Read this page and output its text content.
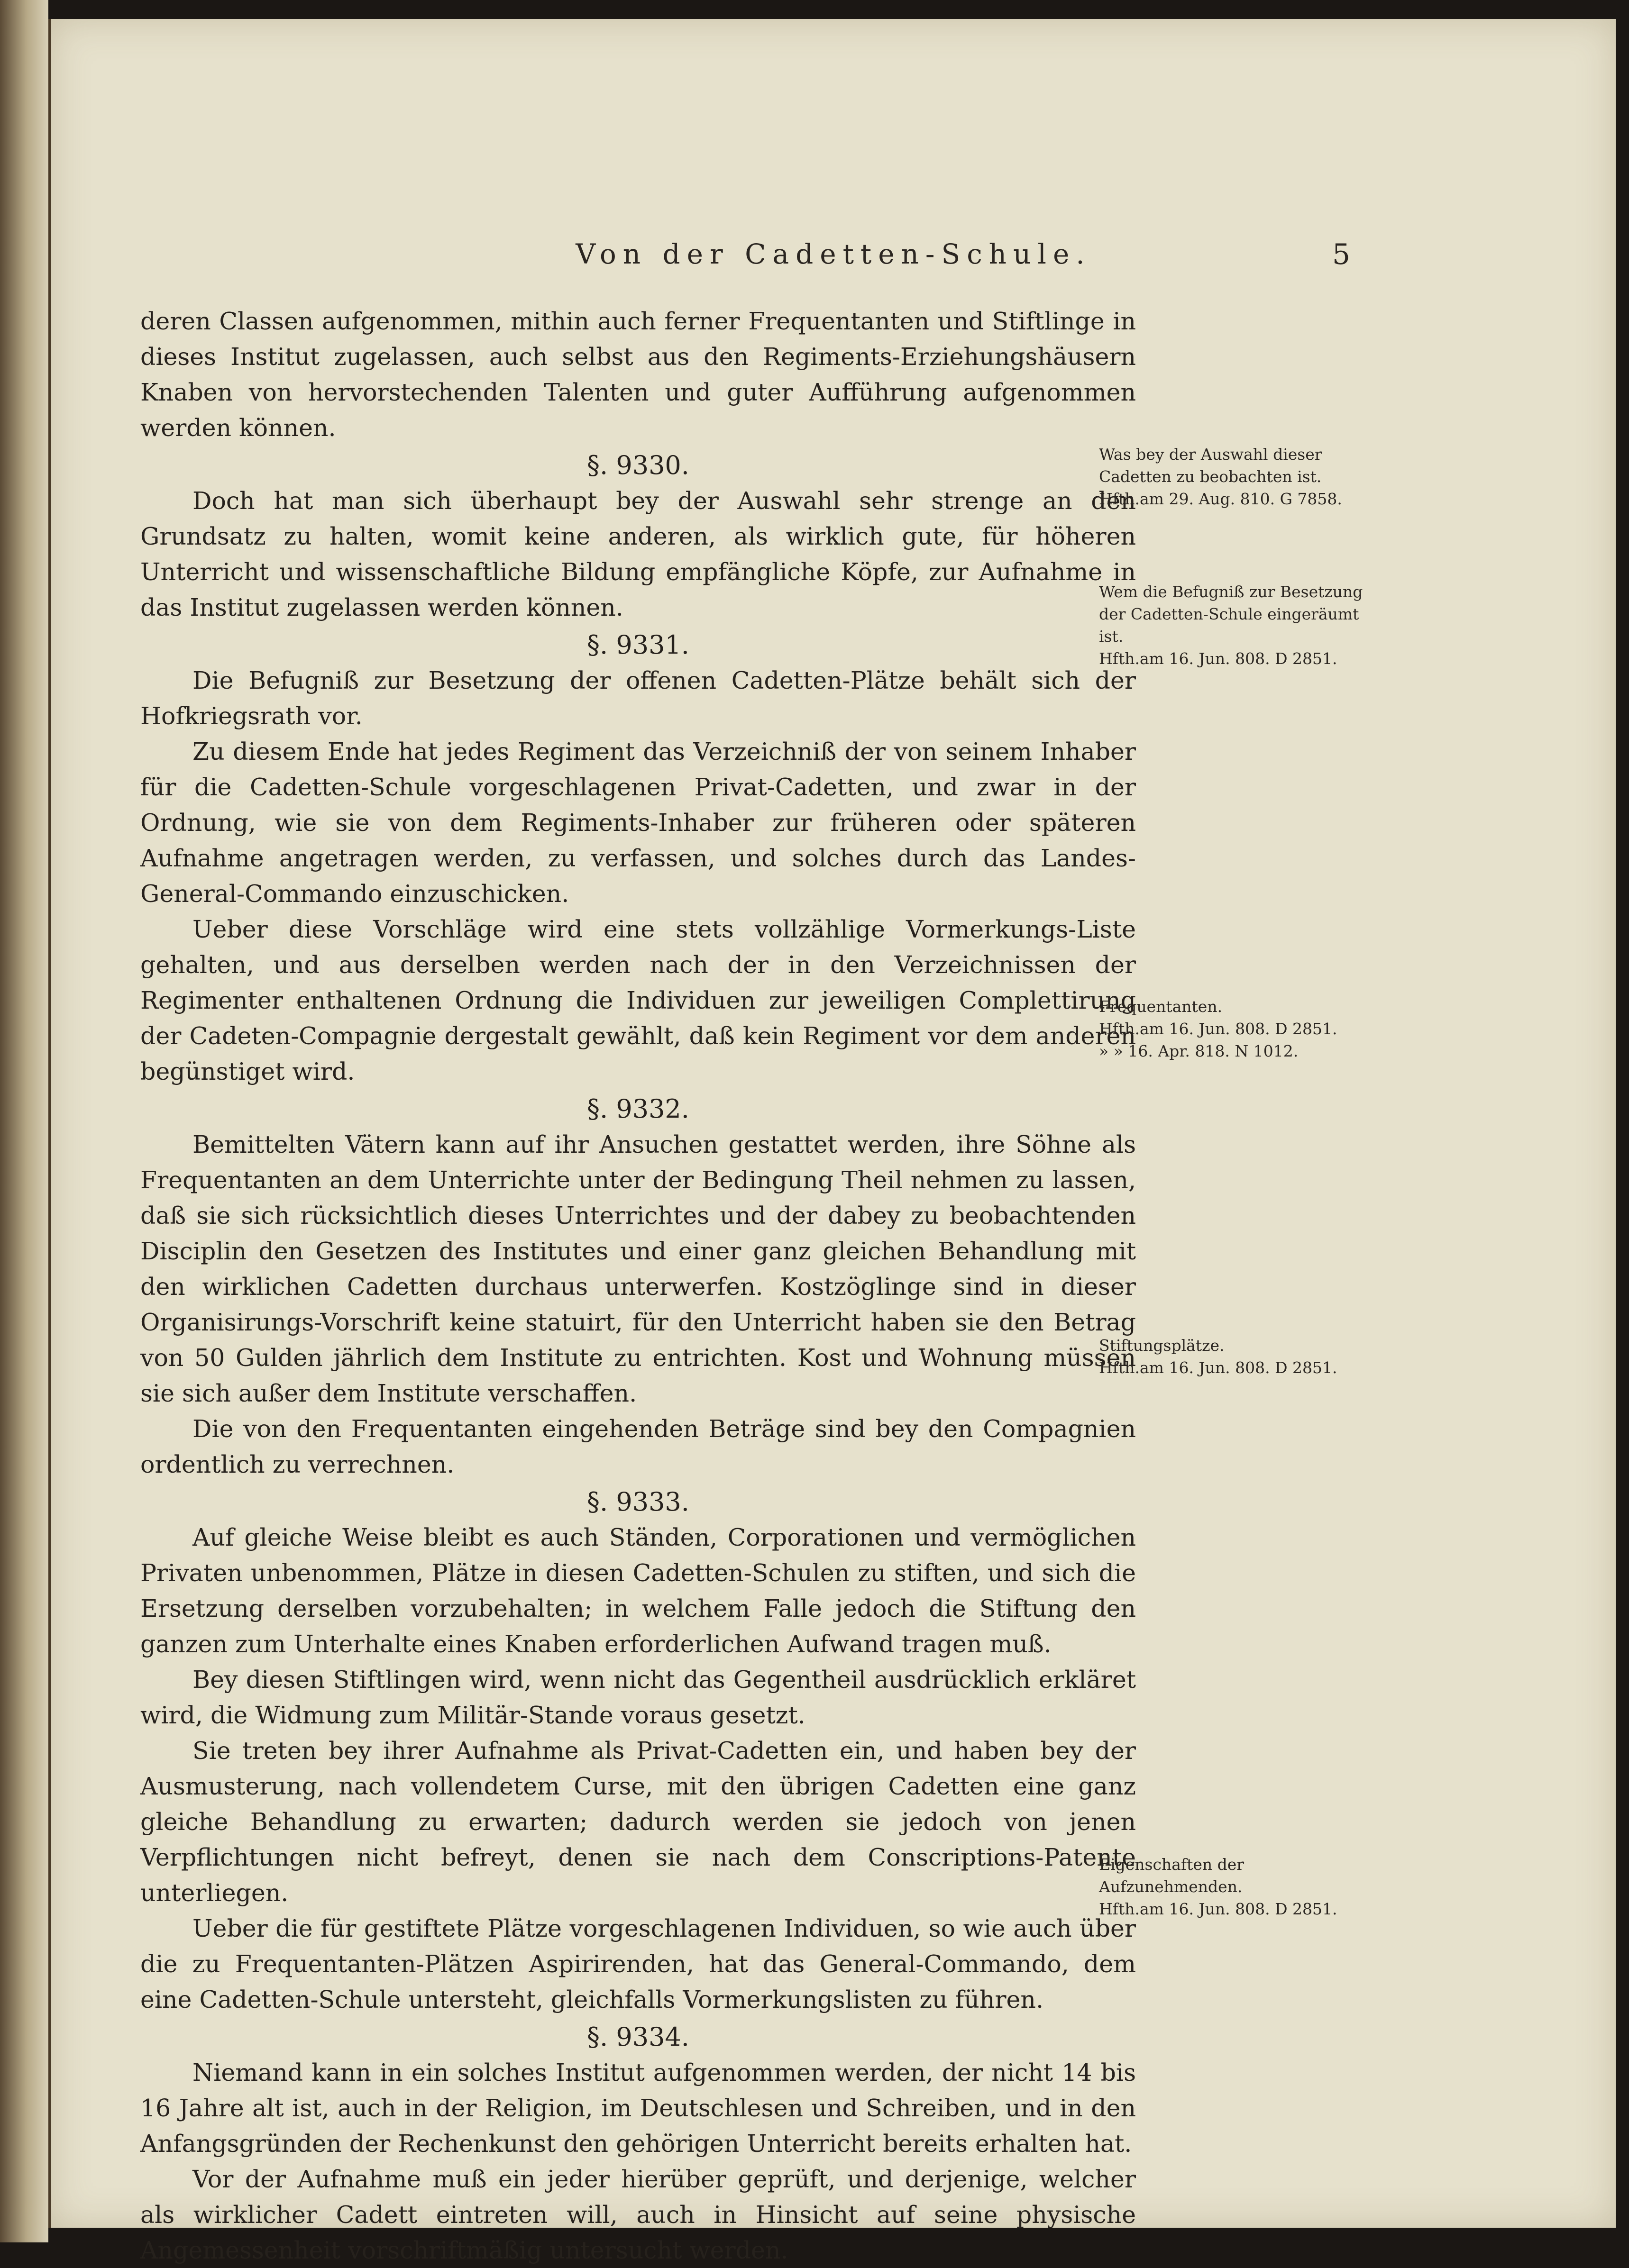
Von der Cadetten-Schule.	5

deren Classen aufgenommen, mithin auch ferner Frequentanten und Stiftlinge in dieses Institut zugelassen, auch selbst aus den Regiments-Erziehungshäusern Knaben von hervorstechenden Talenten und guter Aufführung aufgenommen werden können.

§. 9330.

Doch hat man sich überhaupt bey der Auswahl sehr strenge an den Grundsatz zu halten, womit keine anderen, als wirklich gute, für höheren Unterricht und wissenschaftliche Bildung empfängliche Köpfe, zur Aufnahme in das Institut zugelassen werden können.

§. 9331.

Die Befugniß zur Besetzung der offenen Cadetten-Plätze behält sich der Hofkriegsrath vor.

Zu diesem Ende hat jedes Regiment das Verzeichniß der von seinem Inhaber für die Cadetten-Schule vorgeschlagenen Privat-Cadetten, und zwar in der Ordnung, wie sie von dem Regiments-Inhaber zur früheren oder späteren Aufnahme angetragen werden, zu verfassen, und solches durch das Landes-General-Commando einzuschicken.

Ueber diese Vorschläge wird eine stets vollzählige Vormerkungs-Liste gehalten, und aus derselben werden nach der in den Verzeichnissen der Regimenter enthaltenen Ordnung die Individuen zur jeweiligen Complettirung der Cadeten-Compagnie dergestalt gewählt, daß kein Regiment vor dem anderen begünstiget wird.

§. 9332.

Bemittelten Vätern kann auf ihr Ansuchen gestattet werden, ihre Söhne als Frequentanten an dem Unterrichte unter der Bedingung Theil nehmen zu lassen, daß sie sich rücksichtlich dieses Unterrichtes und der dabey zu beobachtenden Disciplin den Gesetzen des Institutes und einer ganz gleichen Behandlung mit den wirklichen Cadetten durchaus unterwerfen. Kostzöglinge sind in dieser Organisirungs-Vorschrift keine statuirt, für den Unterricht haben sie den Betrag von 50 Gulden jährlich dem Institute zu entrichten. Kost und Wohnung müssen sie sich außer dem Institute verschaffen.

Die von den Frequentanten eingehenden Beträge sind bey den Compagnien ordentlich zu verrechnen.

§. 9333.

Auf gleiche Weise bleibt es auch Ständen, Corporationen und vermöglichen Privaten unbenommen, Plätze in diesen Cadetten-Schulen zu stiften, und sich die Ersetzung derselben vorzubehalten; in welchem Falle jedoch die Stiftung den ganzen zum Unterhalte eines Knaben erforderlichen Aufwand tragen muß.

Bey diesen Stiftlingen wird, wenn nicht das Gegentheil ausdrücklich erkläret wird, die Widmung zum Militär-Stande voraus gesetzt.

Sie treten bey ihrer Aufnahme als Privat-Cadetten ein, und haben bey der Ausmusterung, nach vollendetem Curse, mit den übrigen Cadetten eine ganz gleiche Behandlung zu erwarten; dadurch werden sie jedoch von jenen Verpflichtungen nicht befreyt, denen sie nach dem Conscriptions-Patente unterliegen.

Ueber die für gestiftete Plätze vorgeschlagenen Individuen, so wie auch über die zu Frequentanten-Plätzen Aspirirenden, hat das General-Commando, dem eine Cadetten-Schule untersteht, gleichfalls Vormerkungslisten zu führen.

§. 9334.

Niemand kann in ein solches Institut aufgenommen werden, der nicht 14 bis 16 Jahre alt ist, auch in der Religion, im Deutschlesen und Schreiben, und in den Anfangsgründen der Rechenkunst den gehörigen Unterricht bereits erhalten hat.

Vor der Aufnahme muß ein jeder hierüber geprüft, und derjenige, welcher als wirklicher Cadett eintreten will, auch in Hinsicht auf seine physische Angemessenheit vorschriftmäßig untersucht werden.

Was bey der Auswahl dieser Cadetten zu beobachten ist.
Hfth.am 29. Aug. 810. G 7858.
Wem die Befugniß zur Besetzung der Cadetten-Schule eingeräumt ist.
Hfth.am 16. Jun. 808. D 2851.
Frequentanten.
Hfth.am 16. Jun. 808. D 2851.
» » 16. Apr. 818. N 1012.
Stiftungsplätze.
Hfth.am 16. Jun. 808. D 2851.
Eigenschaften der Aufzunehmenden.
Hfth.am 16. Jun. 808. D 2851.
